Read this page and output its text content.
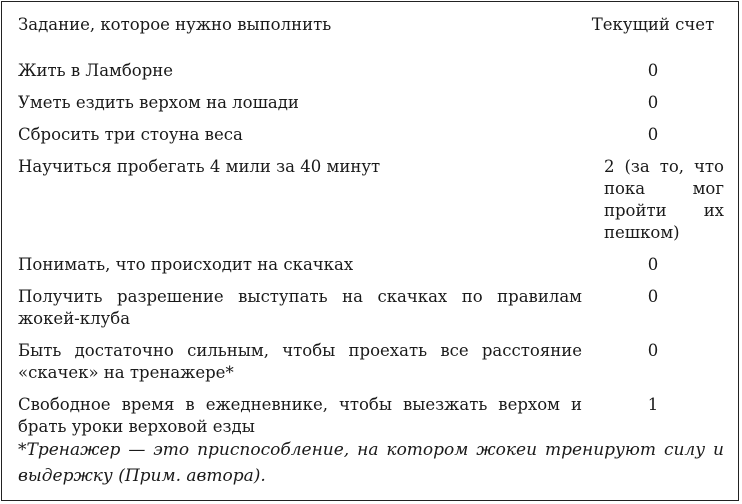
Задание, которое нужно выполнить	Текущий счет
Жить в Ламборне	0
Уметь ездить верхом на лошади	0
Сбросить три стоуна веса	0
Научиться пробегать 4 мили за 40 минут	2 (за то, что пока мог пройти их пешком)
Понимать, что происходит на скачках	0
Получить разрешение выступать на скачках по правилам жокей-клуба	0
Быть достаточно сильным, чтобы проехать все расстояние «скачек» на тренажере*	0
Свободное время в ежедневнике, чтобы выезжать верхом и брать уроки верховой езды	1
*Тренажер — это приспособление, на котором жокеи тренируют силу и выдержку (Прим. автора).
